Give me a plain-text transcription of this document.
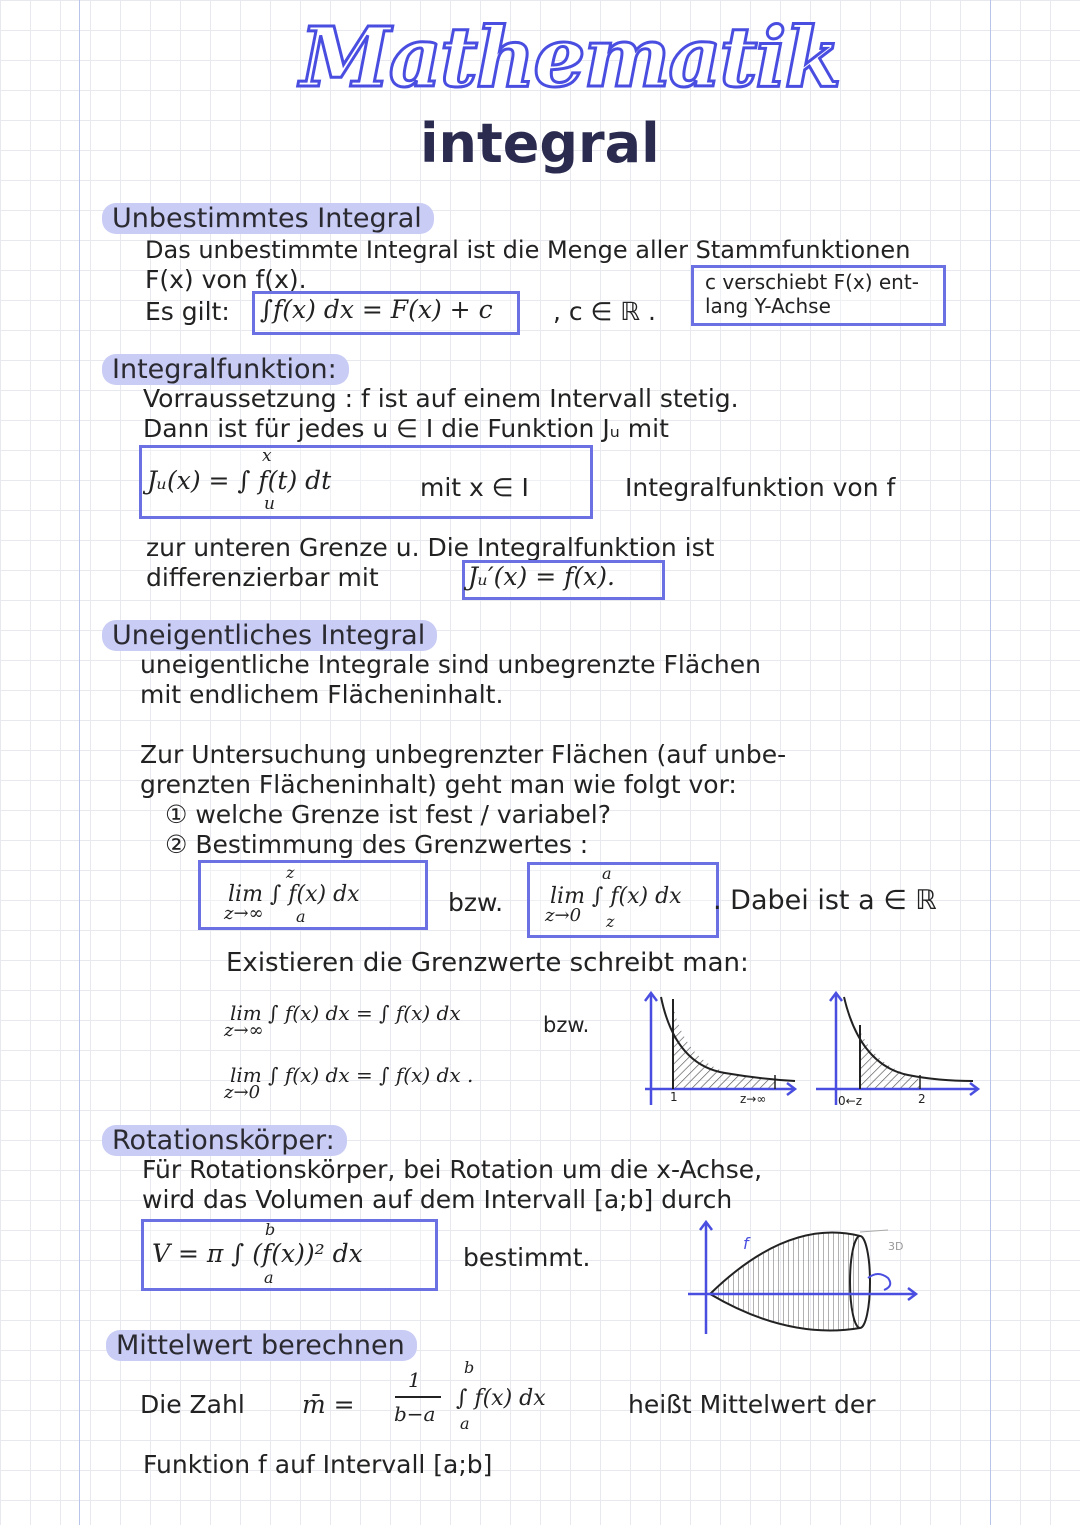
Mathematik
integral
Unbestimmtes Integral
Das unbestimmte Integral ist die Menge aller Stammfunktionen
F(x) von f(x).
Es gilt: ∫f(x) dx = F(x) + c , c ∈ ℝ .
c verschiebt F(x) ent-
lang Y-Achse
Integralfunktion:
Vorraussetzung : f ist auf einem Intervall stetig.
Dann ist für jedes u ∈ I die Funktion Jᵤ mit
x
Jᵤ(x) = ∫ f(t) dt
u
mit x ∈ I	Integralfunktion von f
zur unteren Grenze u. Die Integralfunktion ist
differenzierbar mit	Jᵤ′(x) = f(x).
Uneigentliches Integral
uneigentliche Integrale sind unbegrenzte Flächen
mit endlichem Flächeninhalt.
Zur Untersuchung unbegrenzter Flächen (auf unbe-
grenzten Flächeninhalt) geht man wie folgt vor:
① welche Grenze ist fest / variabel?
② Bestimmung des Grenzwertes :
z
lim ∫ f(x) dx
z→∞ a	bzw.
a
lim ∫ f(x) dx
z→0 z
. Dabei ist a ∈ ℝ
Existieren die Grenzwerte schreibt man:
lim ∫ f(x) dx = ∫ f(x) dx
z→∞	bzw.
lim ∫ f(x) dx = ∫ f(x) dx .
z→0	1	z→∞	0←z	2
Rotationskörper:
Für Rotationskörper, bei Rotation um die x-Achse,
wird das Volumen auf dem Intervall [a;b] durch
b
V = π ∫ (f(x))² dx
a
bestimmt.	f	3D
Mittelwert berechnen
Die Zahl m̄ =
1
b−a
b
∫ f(x) dx
a
heißt Mittelwert der
Funktion f auf Intervall [a;b]
